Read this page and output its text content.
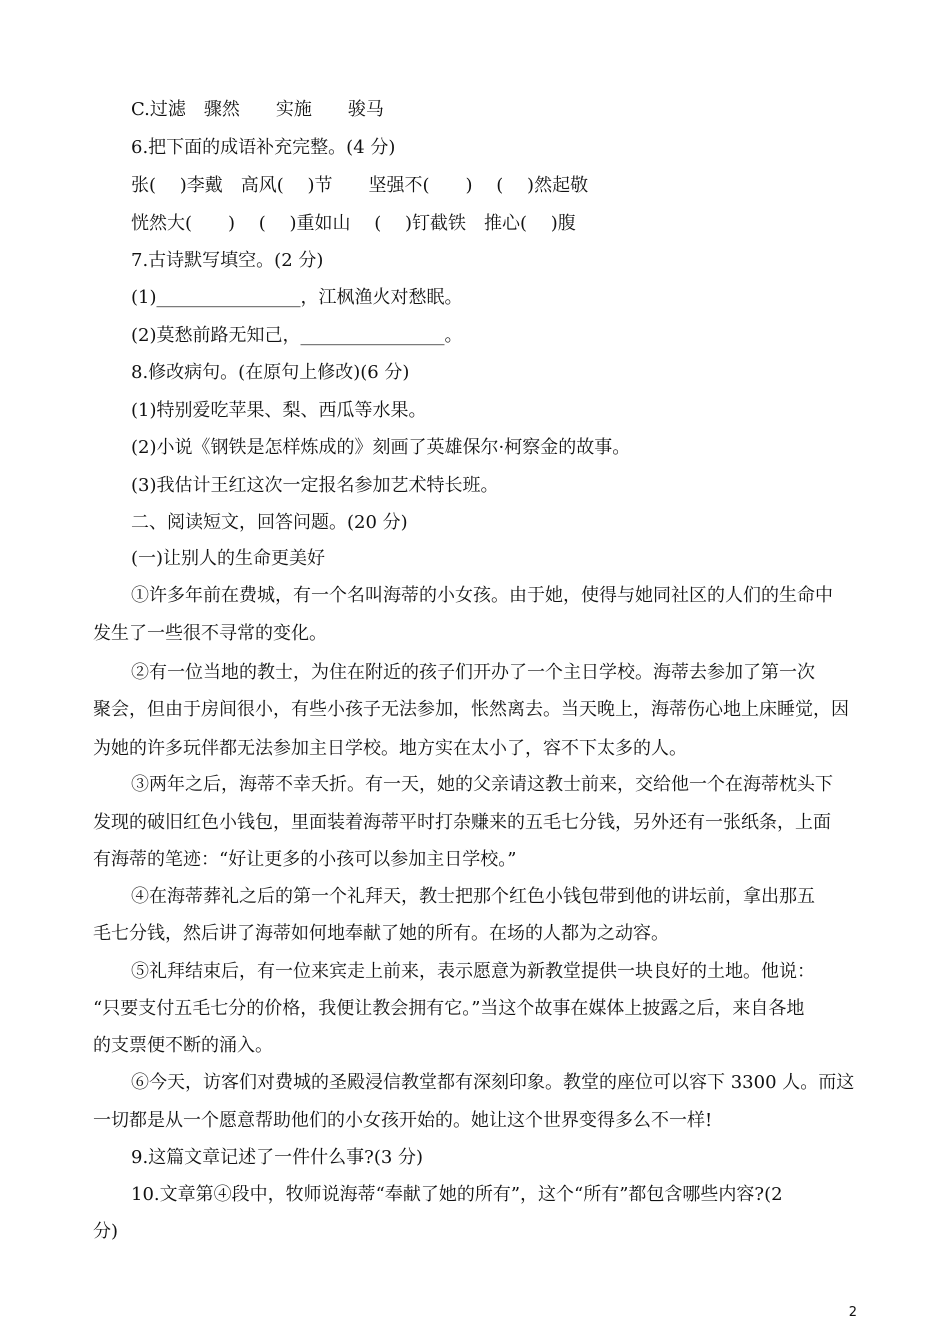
C.过滤　骤然　　实施　　骏马
6.把下面的成语补充完整。(4 分)
张(　 )李戴　高风(　 )节　　坚强不(　　)　 (　 )然起敬
恍然大(　　)　 (　 )重如山　 (　 )钉截铁　推心(　 )腹
7.古诗默写填空。(2 分)
(1)________________，江枫渔火对愁眠。
(2)莫愁前路无知己，________________。
8.修改病句。(在原句上修改)(6 分)
(1)特别爱吃苹果、梨、西瓜等水果。
(2)小说《钢铁是怎样炼成的》刻画了英雄保尔·柯察金的故事。
(3)我估计王红这次一定报名参加艺术特长班。
二、阅读短文，回答问题。(20 分)
(一)让别人的生命更美好
①许多年前在费城，有一个名叫海蒂的小女孩。由于她，使得与她同社区的人们的生命中
发生了一些很不寻常的变化。
②有一位当地的教士，为住在附近的孩子们开办了一个主日学校。海蒂去参加了第一次
聚会，但由于房间很小，有些小孩子无法参加，怅然离去。当天晚上，海蒂伤心地上床睡觉，因
为她的许多玩伴都无法参加主日学校。地方实在太小了，容不下太多的人。
③两年之后，海蒂不幸夭折。有一天，她的父亲请这教士前来，交给他一个在海蒂枕头下
发现的破旧红色小钱包，里面装着海蒂平时打杂赚来的五毛七分钱，另外还有一张纸条，上面
有海蒂的笔迹：“好让更多的小孩可以参加主日学校。”
④在海蒂葬礼之后的第一个礼拜天，教士把那个红色小钱包带到他的讲坛前，拿出那五
毛七分钱，然后讲了海蒂如何地奉献了她的所有。在场的人都为之动容。
⑤礼拜结束后，有一位来宾走上前来，表示愿意为新教堂提供一块良好的土地。他说：
“只要支付五毛七分的价格，我便让教会拥有它。”当这个故事在媒体上披露之后，来自各地
的支票便不断的涌入。
⑥今天，访客们对费城的圣殿浸信教堂都有深刻印象。教堂的座位可以容下 3300 人。而这
一切都是从一个愿意帮助他们的小女孩开始的。她让这个世界变得多么不一样!
9.这篇文章记述了一件什么事?(3 分)
10.文章第④段中，牧师说海蒂“奉献了她的所有”，这个“所有”都包含哪些内容?(2
分)
2
